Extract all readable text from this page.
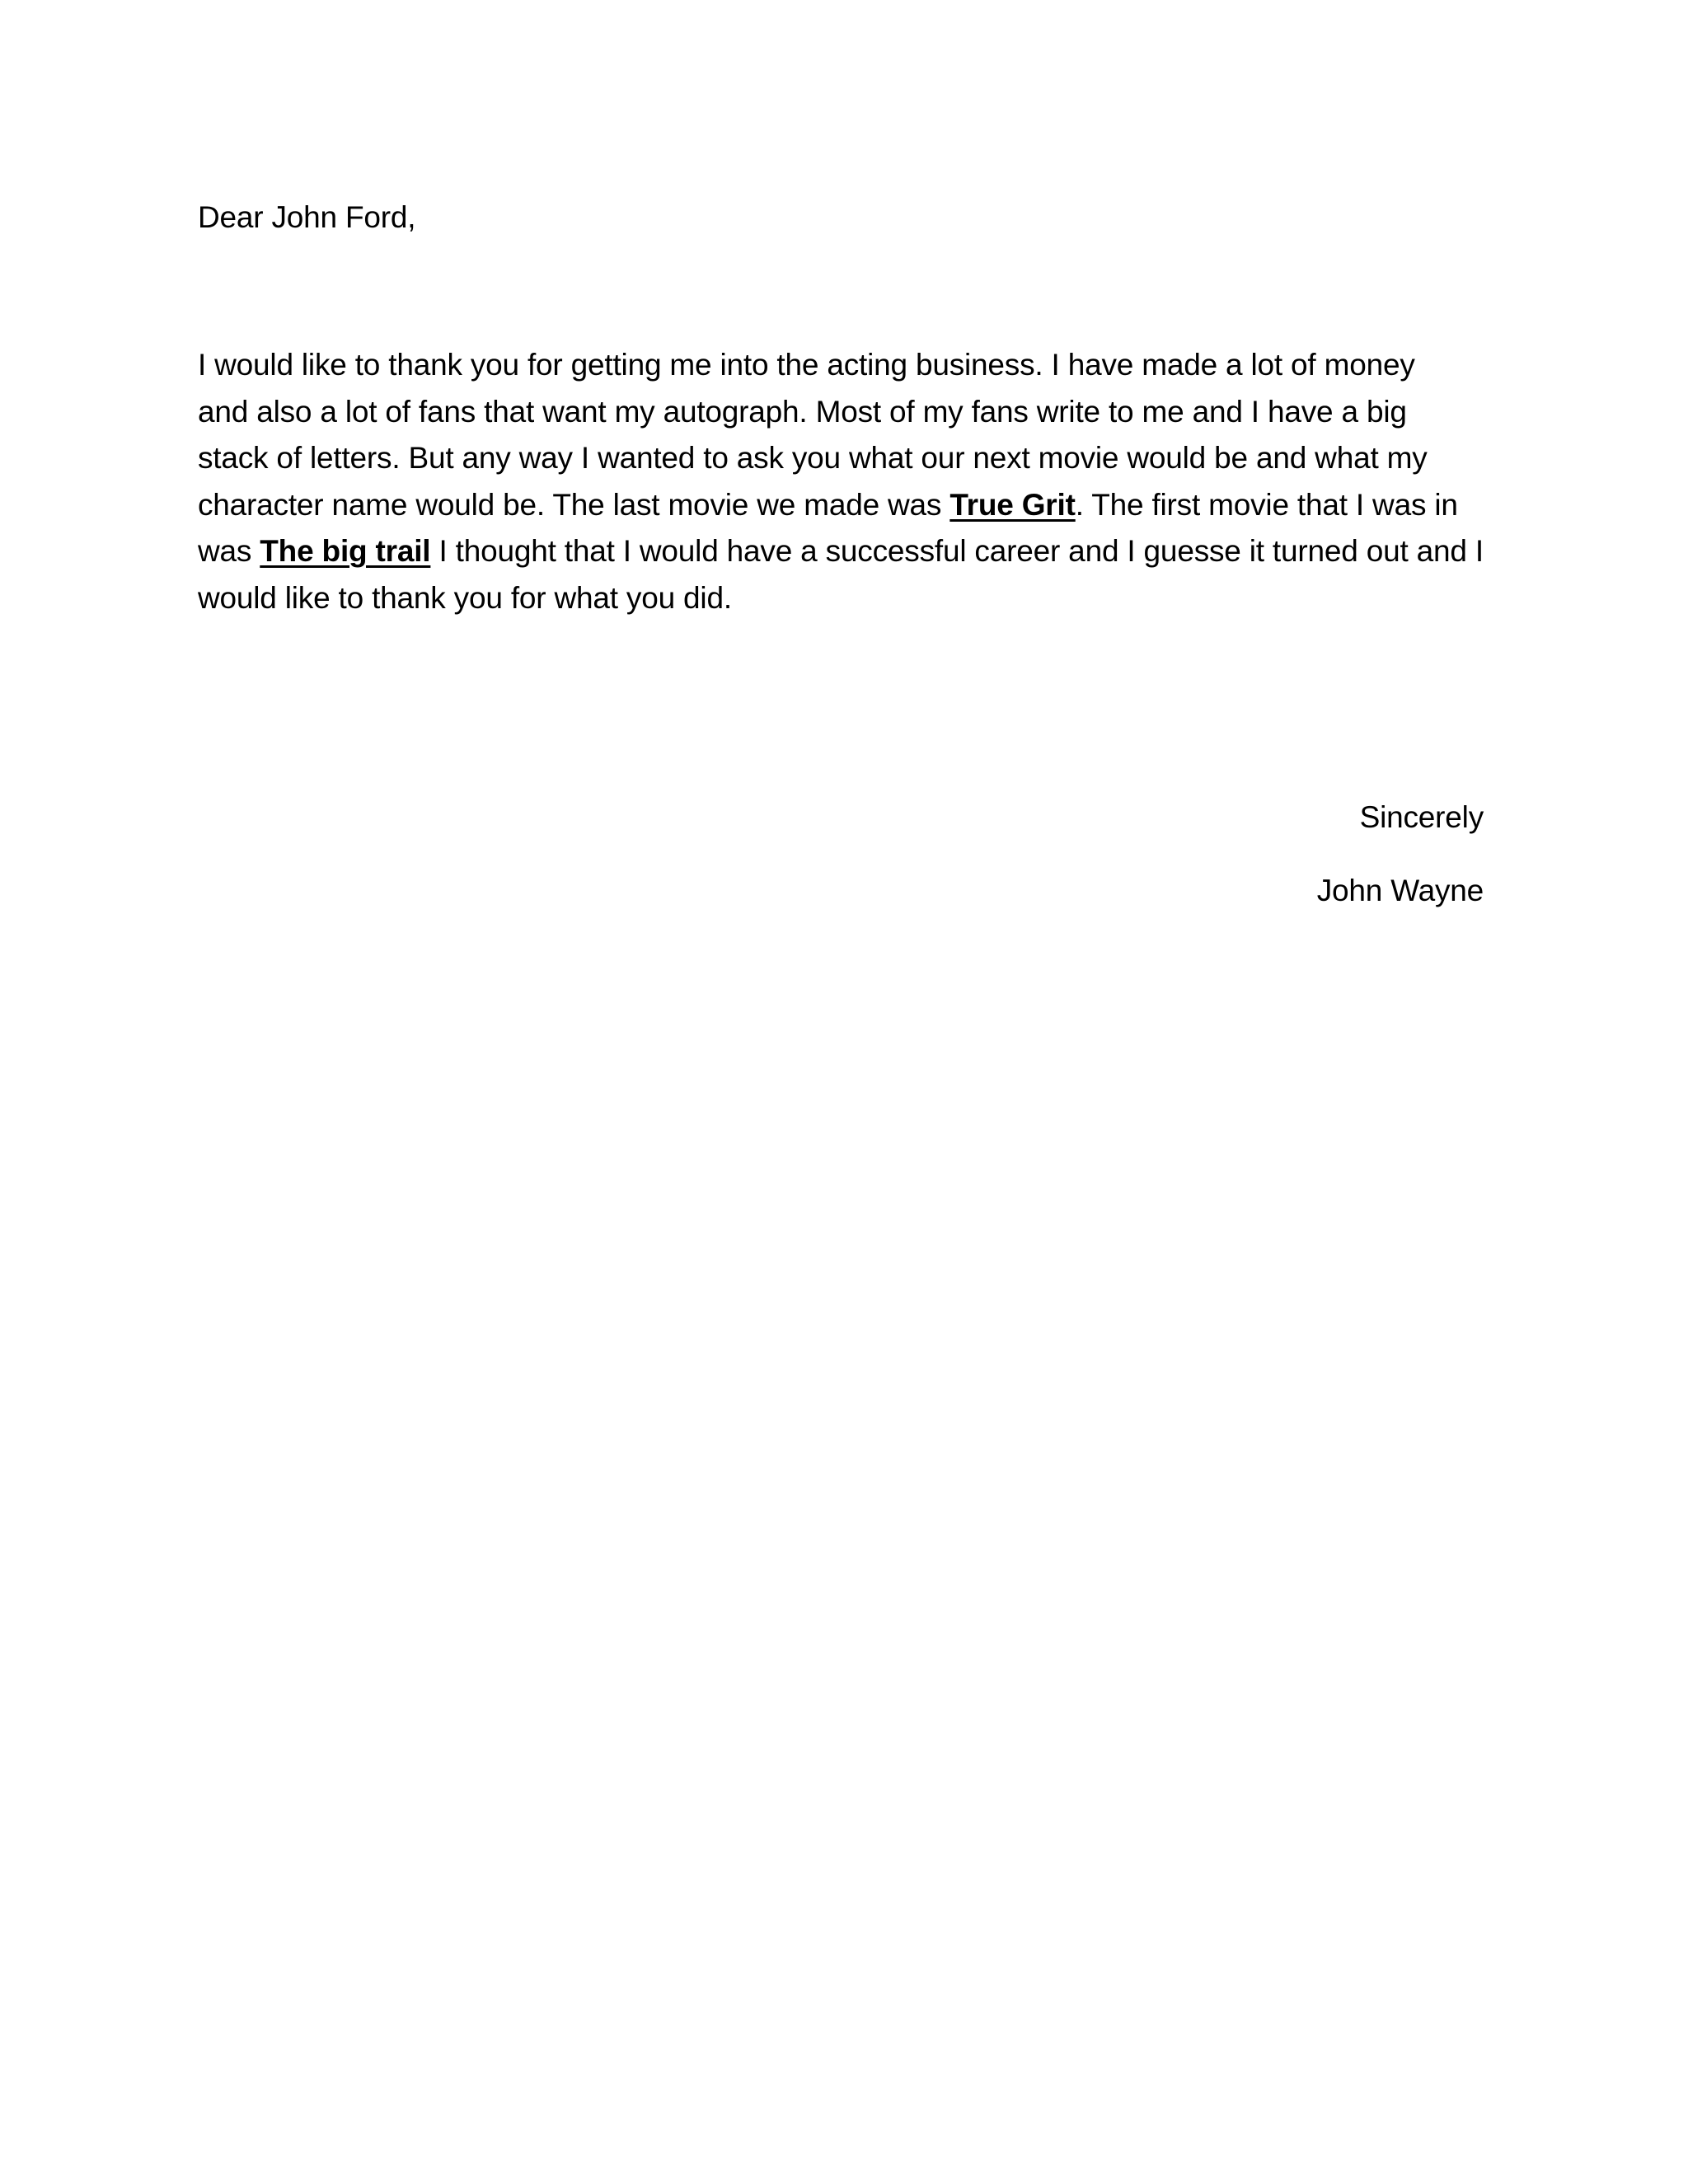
Dear John Ford,
I would like to thank you for getting me into the acting business. I have made a lot of money
and also a lot of fans that want my autograph. Most of my fans write to me and I have a big
stack of letters. But any way I wanted to ask you what our next movie would be and what my
character name would be. The last movie we made was True Grit. The first movie that I was in
was The big trail I thought that I would have a successful career and I guesse it turned out and I
would like to thank you for what you did.
Sincerely
John Wayne
